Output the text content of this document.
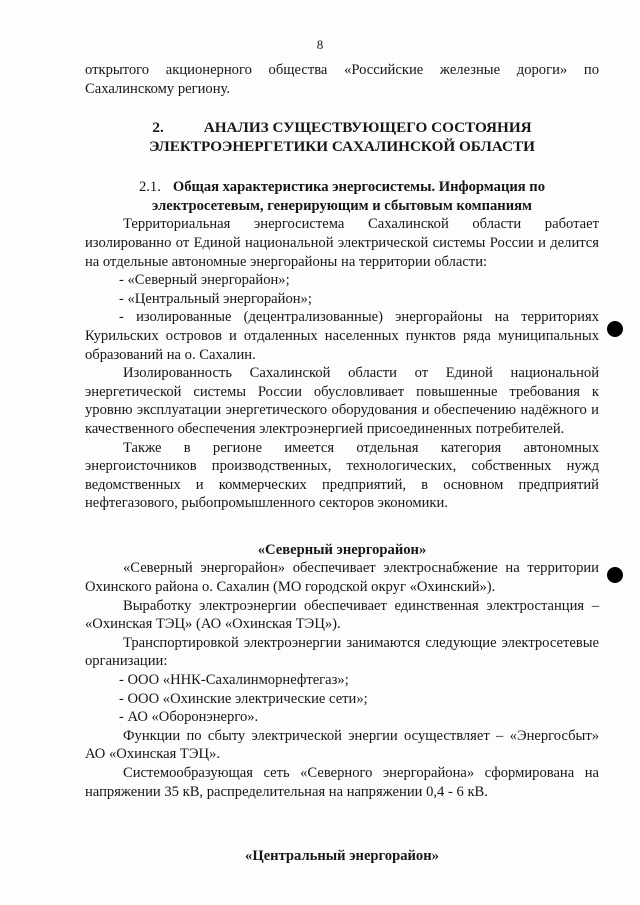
8

открытого акционерного общества «Российские железные дороги» по Сахалинскому региону.

2.	АНАЛИЗ СУЩЕСТВУЮЩЕГО СОСТОЯНИЯ ЭЛЕКТРОЭНЕРГЕТИКИ САХАЛИНСКОЙ ОБЛАСТИ

2.1. Общая характеристика энергосистемы. Информация по электросетевым, генерирующим и сбытовым компаниям

Территориальная энергосистема Сахалинской области работает изолированно от Единой национальной электрической системы России и делится на отдельные автономные энергорайоны на территории области:

- «Северный энергорайон»;

- «Центральный энергорайон»;

- изолированные (децентрализованные) энергорайоны на территориях Курильских островов и отдаленных населенных пунктов ряда муниципальных образований на о. Сахалин.

Изолированность Сахалинской области от Единой национальной энергетической системы России обусловливает повышенные требования к уровню эксплуатации энергетического оборудования и обеспечению надёжного и качественного обеспечения электроэнергией присоединенных потребителей.

Также в регионе имеется отдельная категория автономных энергоисточников производственных, технологических, собственных нужд ведомственных и коммерческих предприятий, в основном предприятий нефтегазового, рыбопромышленного секторов экономики.

«Северный энергорайон»

«Северный энергорайон» обеспечивает электроснабжение на территории Охинского района о. Сахалин (МО городской округ «Охинский»).

Выработку электроэнергии обеспечивает единственная электростанция – «Охинская ТЭЦ» (АО «Охинская ТЭЦ»).

Транспортировкой электроэнергии занимаются следующие электросетевые организации:

- ООО «ННК-Сахалинморнефтегаз»;

- ООО «Охинские электрические сети»;

- АО «Оборонэнерго».

Функции по сбыту электрической энергии осуществляет – «Энергосбыт» АО «Охинская ТЭЦ».

Системообразующая сеть «Северного энергорайона» сформирована на напряжении 35 кВ, распределительная на напряжении 0,4 - 6 кВ.

«Центральный энергорайон»
